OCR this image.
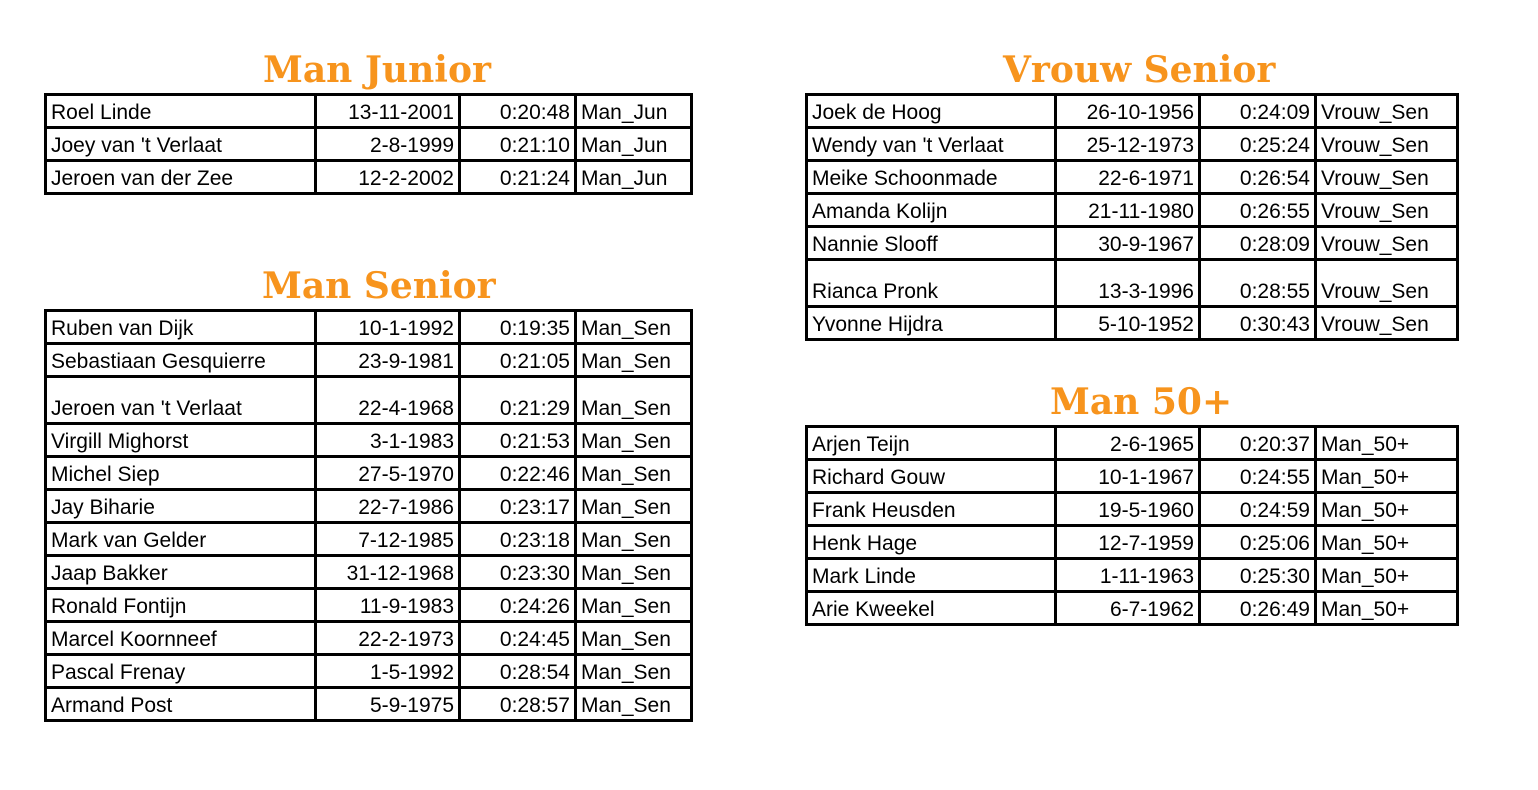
Man Junior
Roel Linde	13-11-2001	0:20:48	Man_Jun
Joey van 't Verlaat	2-8-1999	0:21:10	Man_Jun
Jeroen van der Zee	12-2-2002	0:21:24	Man_Jun
Man Senior
Ruben van Dijk	10-1-1992	0:19:35	Man_Sen
Sebastiaan Gesquierre	23-9-1981	0:21:05	Man_Sen
Jeroen van 't Verlaat	22-4-1968	0:21:29	Man_Sen
Virgill Mighorst	3-1-1983	0:21:53	Man_Sen
Michel Siep	27-5-1970	0:22:46	Man_Sen
Jay Biharie	22-7-1986	0:23:17	Man_Sen
Mark van Gelder	7-12-1985	0:23:18	Man_Sen
Jaap Bakker	31-12-1968	0:23:30	Man_Sen
Ronald Fontijn	11-9-1983	0:24:26	Man_Sen
Marcel Koornneef	22-2-1973	0:24:45	Man_Sen
Pascal Frenay	1-5-1992	0:28:54	Man_Sen
Armand Post	5-9-1975	0:28:57	Man_Sen
Vrouw Senior
Joek de Hoog	26-10-1956	0:24:09	Vrouw_Sen
Wendy van 't Verlaat	25-12-1973	0:25:24	Vrouw_Sen
Meike Schoonmade	22-6-1971	0:26:54	Vrouw_Sen
Amanda Kolijn	21-11-1980	0:26:55	Vrouw_Sen
Nannie Slooff	30-9-1967	0:28:09	Vrouw_Sen
Rianca Pronk	13-3-1996	0:28:55	Vrouw_Sen
Yvonne Hijdra	5-10-1952	0:30:43	Vrouw_Sen
Man 50+
Arjen Teijn	2-6-1965	0:20:37	Man_50+
Richard Gouw	10-1-1967	0:24:55	Man_50+
Frank Heusden	19-5-1960	0:24:59	Man_50+
Henk Hage	12-7-1959	0:25:06	Man_50+
Mark Linde	1-11-1963	0:25:30	Man_50+
Arie Kweekel	6-7-1962	0:26:49	Man_50+
